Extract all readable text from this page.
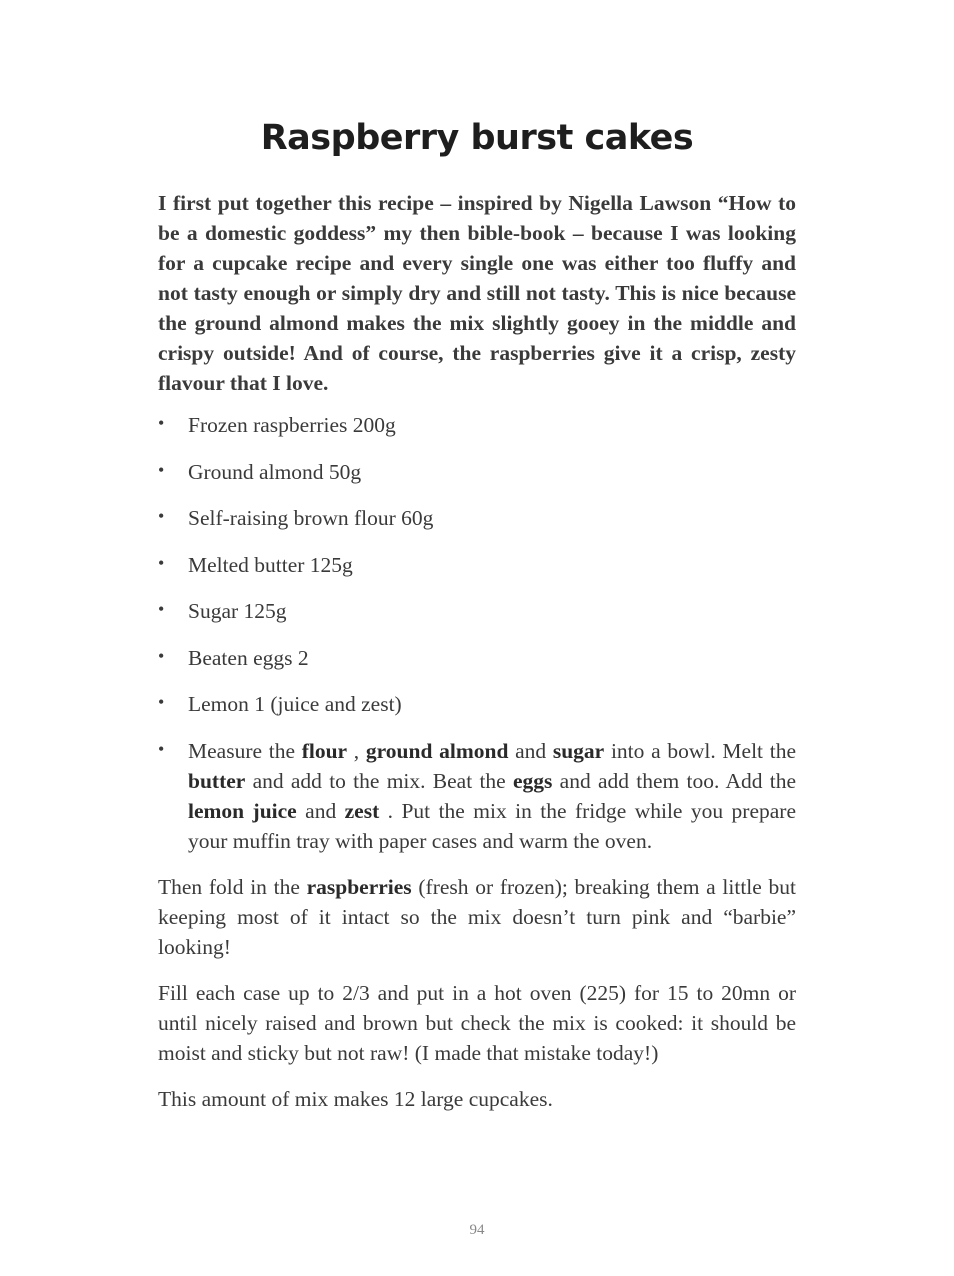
Raspberry burst cakes

I first put together this recipe – inspired by Nigella Lawson “How to be a domestic goddess” my then bible-book – because I was looking for a cupcake recipe and every single one was either too fluffy and not tasty enough or simply dry and still not tasty. This is nice because the ground almond makes the mix slightly gooey in the middle and crispy outside! And of course, the raspberries give it a crisp, zesty flavour that I love.

• Frozen raspberries 200g
• Ground almond 50g
• Self-raising brown flour 60g
• Melted butter 125g
• Sugar 125g
• Beaten eggs 2
• Lemon 1 (juice and zest)
• Measure the flour , ground almond and sugar into a bowl. Melt the butter and add to the mix. Beat the eggs and add them too. Add the lemon juice and zest . Put the mix in the fridge while you prepare your muffin tray with paper cases and warm the oven.

Then fold in the raspberries (fresh or frozen); breaking them a little but keeping most of it intact so the mix doesn’t turn pink and “barbie” looking!

Fill each case up to 2/3 and put in a hot oven (225) for 15 to 20mn or until nicely raised and brown but check the mix is cooked: it should be moist and sticky but not raw! (I made that mistake today!)

This amount of mix makes 12 large cupcakes.

94
